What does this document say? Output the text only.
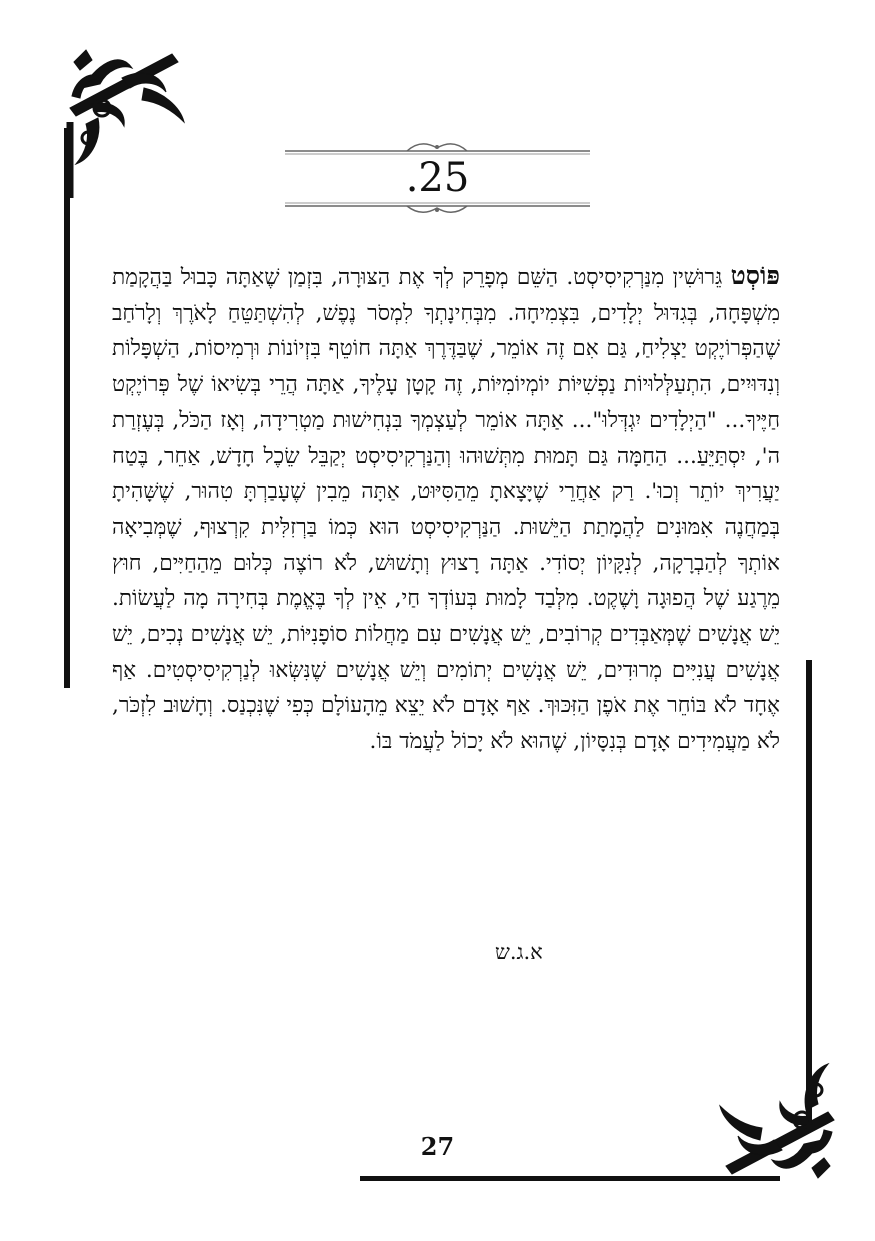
.25
פּוֹסְט גֵּרוּשִׁין מִנַּרְקִיסִיסְט. הַשֵּׁם מְפָרֵק לְךָ אֶת הַצּוּרָה, בִּזְמַן שֶׁאַתָּה כָּבוּל בַּהֲקָמַת מִשְׁפָּחָה, בְּגִדּוּל יְלָדִים, בִּצְמִיחָה. מִבְּחִינָתְךָ לִמְסֹר נֶפֶשׁ, לְהִשְׁתַּטֵּחַ לָאֹרֶךְ וְלָרֹחַב שֶׁהַפְּרוֹיֶקְט יַצְלִיחַ, גַּם אִם זֶה אוֹמֵר, שֶׁבַּדֶּרֶךְ אַתָּה חוֹטֵף בִּזְיוֹנוֹת וּרְמִיסוֹת, הַשְׁפָּלוֹת וְנִדּוּיִים, הִתְעַלְּלוּיוֹת נַפְשִׁיּוֹת יוֹמְיוֹמִיּוֹת, זֶה קָטָן עָלֶיךָ, אַתָּה הֲרֵי בְּשִׂיאוֹ שֶׁל פְּרוֹיֶקְט חַיֶּיךָ... "הַיְלָדִים יִגְדְּלוּ"... אַתָּה אוֹמֵר לְעַצְמְךָ בִּנְחִישׁוּת מַטְרִידָה, וְאָז הַכֹּל, בְּעֶזְרַת ה', יִסְתַּיֵּעַ... הַחַמָּה גַּם תָּמוּת מִתְּשׁוּהוּ וְהַנַּרְקִיסִיסְט יְקַבֵּל שֵׂכֶל חָדָשׁ, אַחֵר, בֶּטַח יַעֲרִיךְ יוֹתֵר וְכוּ'. רַק אַחֲרֵי שֶׁיָּצָאתָ מֵהַסִּיּוּט, אַתָּה מֵבִין שֶׁעָבַרְתָּ טִהוּר, שֶׁשָּׁהִיתָ בְּמַחֲנֶה אִמּוּנִים לַהֲמָתַת הַיֵּשׁוּת. הַנַּרְקִיסִיסְט הוּא כְּמוֹ בַּרְזִלִּית קִרְצוּף, שֶׁמְּבִיאָה אוֹתְךָ לְהַבְרָקָה, לְנִקָּיוֹן יְסוֹדִי. אַתָּה רָצוּץ וְתָשׁוּשׁ, לֹא רוֹצֶה כְּלוּם מֵהַחַיִּים, חוּץ מֵרֶגַע שֶׁל הֲפוּגָה וָשֶׁקֶט. מִלְּבַד לָמוּת בְּעוֹדְךָ חַי, אֵין לְךָ בֶּאֱמֶת בְּחִירָה מָה לַעֲשׂוֹת. יֵשׁ אֲנָשִׁים שֶׁמְּאַבְּדִים קְרוֹבִים, יֵשׁ אֲנָשִׁים עִם מַחֲלוֹת סוֹפָנִיּוֹת, יֵשׁ אֲנָשִׁים נְכִים, יֵשׁ אֲנָשִׁים עֲנִיִּים מְרוּדִים, יֵשׁ אֲנָשִׁים יְתוֹמִים וְיֵשׁ אֲנָשִׁים שֶׁנִּשְּׂאוּ לְנַרְקִיסִיסְטִים. אַף אֶחָד לֹא בּוֹחֵר אֶת אֹפֶן הַזִּכּוּךְ. אַף אָדָם לֹא יֵצֵא מֵהָעוֹלָם כְּפִי שֶׁנִּכְנַס. וְחָשׁוּב לִזְכֹּר, לֹא מַעֲמִידִים אָדָם בְּנִסָּיוֹן, שֶׁהוּא לֹא יָכוֹל לַעֲמֹד בּוֹ.
א.ג.ש
27
